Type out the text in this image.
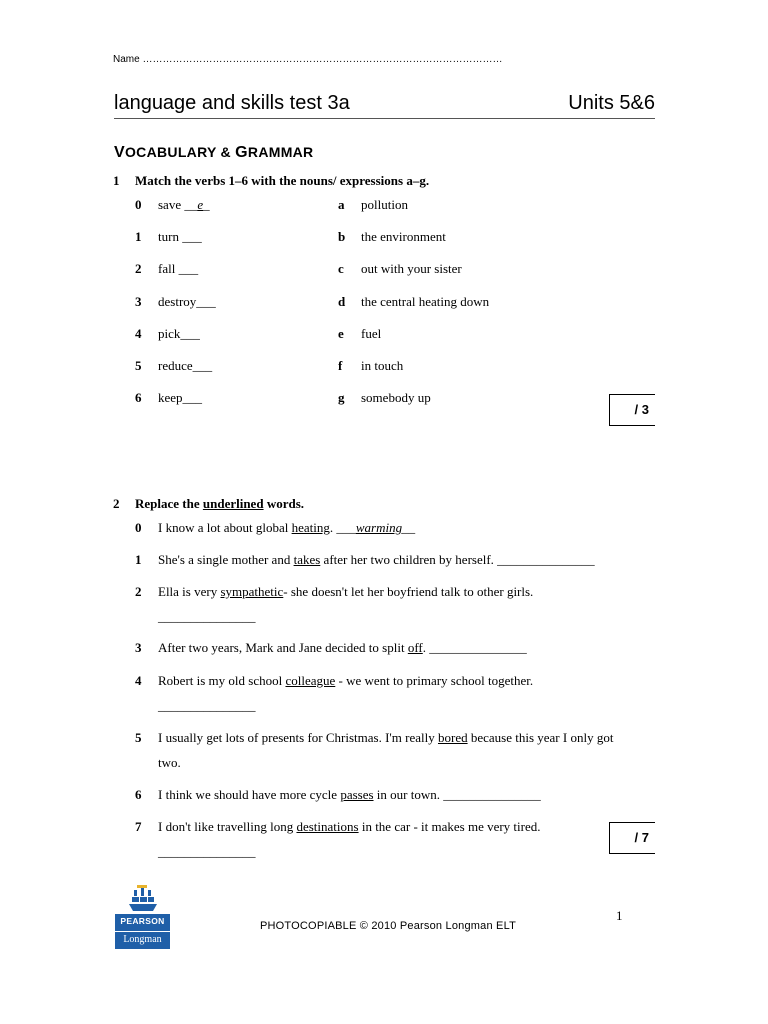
Name ………………………………………………………………………………………………
language and skills test 3a	Units 5&6
VOCABULARY & GRAMMAR
1 Match the verbs 1–6 with the nouns/ expressions a–g.
0 save __e_
1 turn ___
2 fall ___
3 destroy___
4 pick___
5 reduce___
6 keep___
a pollution
b the environment
c out with your sister
d the central heating down
e fuel
f in touch
g somebody up
/ 3
2 Replace the underlined words.
0 I know a lot about global heating. ___warming__
1 She's a single mother and takes after her two children by herself. _______________
2 Ella is very sympathetic- she doesn't let her boyfriend talk to other girls.
_______________
3 After two years, Mark and Jane decided to split off. _______________
4 Robert is my old school colleague - we went to primary school together.
_______________
5 I usually get lots of presents for Christmas. I'm really bored because this year I only got
two.
6 I think we should have more cycle passes in our town. _______________
7 I don't like travelling long destinations in the car - it makes me very tired.
_______________
/ 7
PEARSON
Longman
PHOTOCOPIABLE © 2010 Pearson Longman ELT
1
